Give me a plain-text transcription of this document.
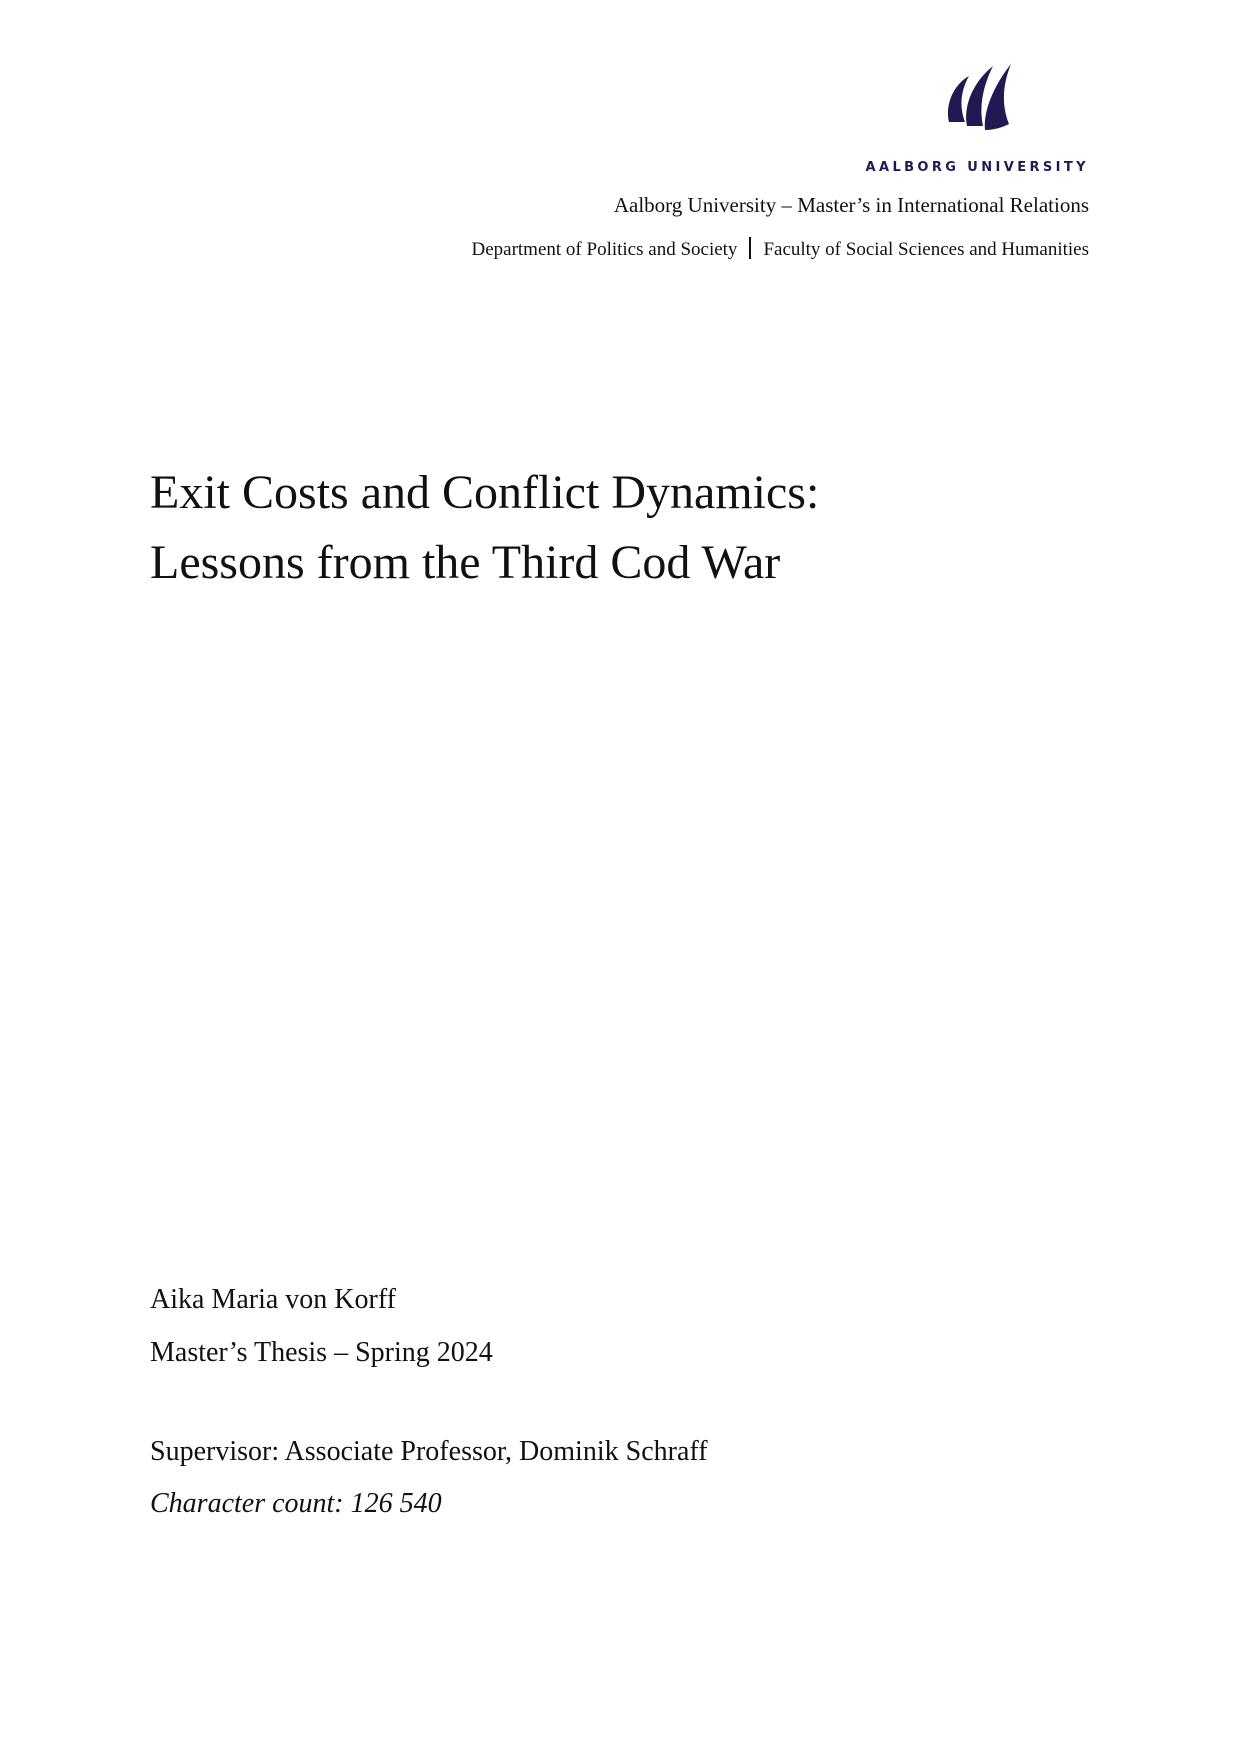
AALBORG UNIVERSITY
Aalborg University – Master’s in International Relations
Department of Politics and Society Faculty of Social Sciences and Humanities
Exit Costs and Conflict Dynamics:
Lessons from the Third Cod War
Aika Maria von Korff
Master’s Thesis – Spring 2024
Supervisor: Associate Professor, Dominik Schraff
Character count: 126 540
